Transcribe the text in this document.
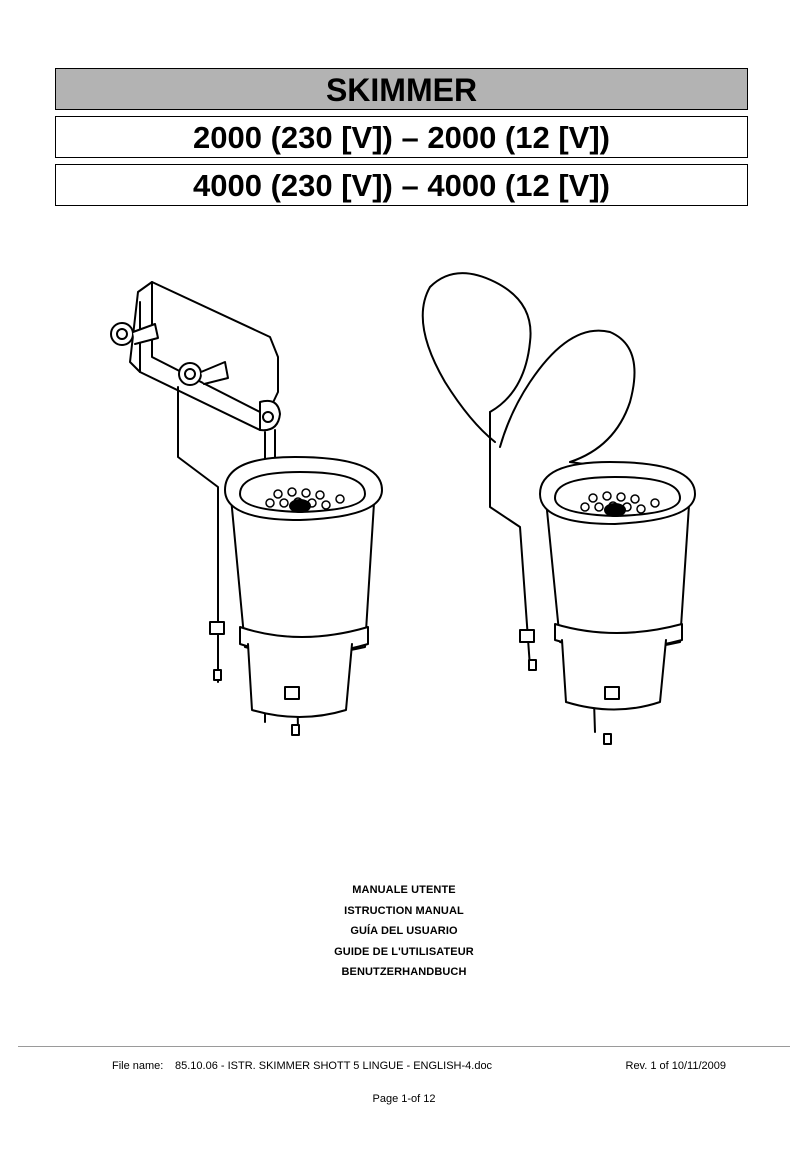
SKIMMER
2000 (230 [V]) – 2000 (12 [V])
4000 (230 [V]) – 4000 (12 [V])
MANUALE UTENTE
ISTRUCTION MANUAL
GUÍA DEL USUARIO
GUIDE DE L'UTILISATEUR
BENUTZERHANDBUCH
File name: 85.10.06 - ISTR. SKIMMER SHOTT 5 LINGUE - ENGLISH-4.doc	Rev. 1 of 10/11/2009
Page 1-of 12
